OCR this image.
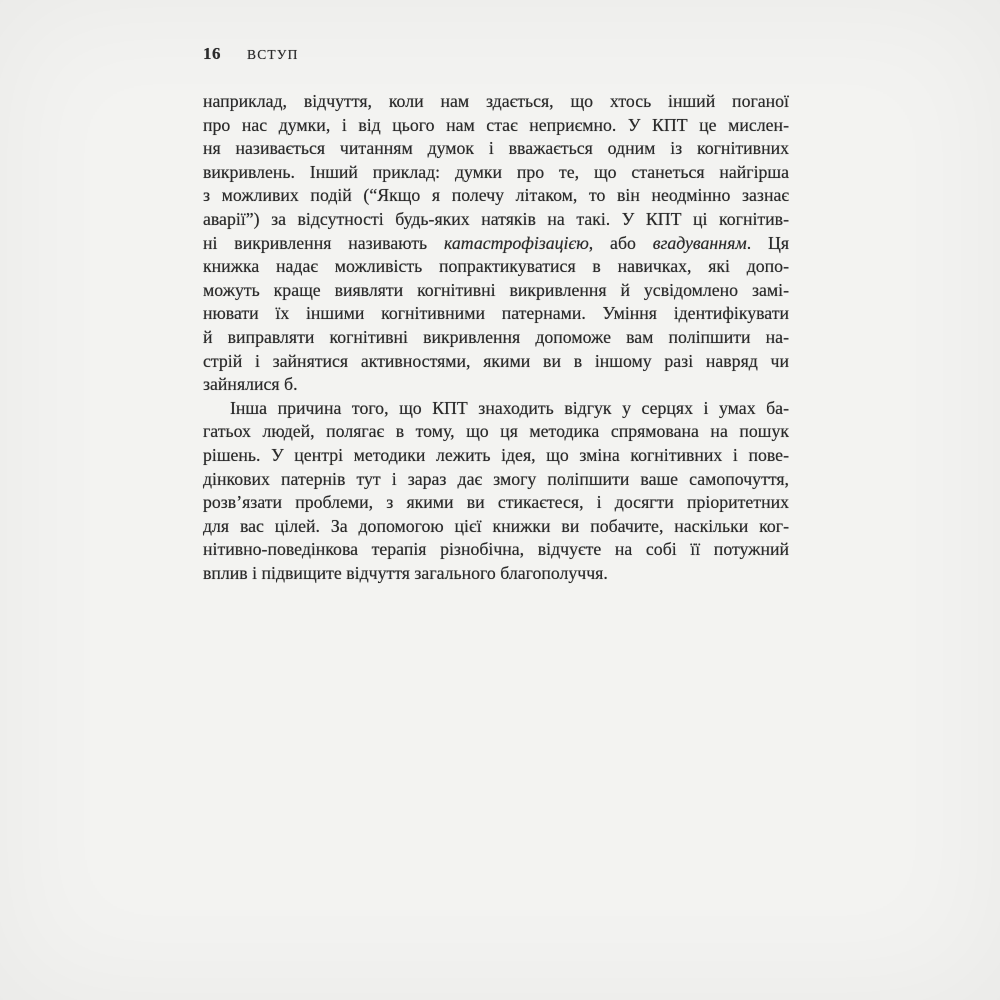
16 ВСТУП
наприклад, відчуття, коли нам здається, що хтось інший поганої
про нас думки, і від цього нам стає неприємно. У КПТ це мислен-
ня називається читанням думок і вважається одним із когнітивних
викривлень. Інший приклад: думки про те, що станеться найгірша
з можливих подій (“Якщо я полечу літаком, то він неодмінно зазнає
аварії”) за відсутності будь-яких натяків на такі. У КПТ ці когнітив-
ні викривлення називають катастрофізацією, або вгадуванням. Ця
книжка надає можливість попрактикуватися в навичках, які допо-
можуть краще виявляти когнітивні викривлення й усвідомлено замі-
нювати їх іншими когнітивними патернами. Уміння ідентифікувати
й виправляти когнітивні викривлення допоможе вам поліпшити на-
стрій і зайнятися активностями, якими ви в іншому разі навряд чи
зайнялися б.
Інша причина того, що КПТ знаходить відгук у серцях і умах ба-
гатьох людей, полягає в тому, що ця методика спрямована на пошук
рішень. У центрі методики лежить ідея, що зміна когнітивних і пове-
дінкових патернів тут і зараз дає змогу поліпшити ваше самопочуття,
розв’язати проблеми, з якими ви стикаєтеся, і досягти пріоритетних
для вас цілей. За допомогою цієї книжки ви побачите, наскільки ког-
нітивно-поведінкова терапія різнобічна, відчуєте на собі її потужний
вплив і підвищите відчуття загального благополуччя.
